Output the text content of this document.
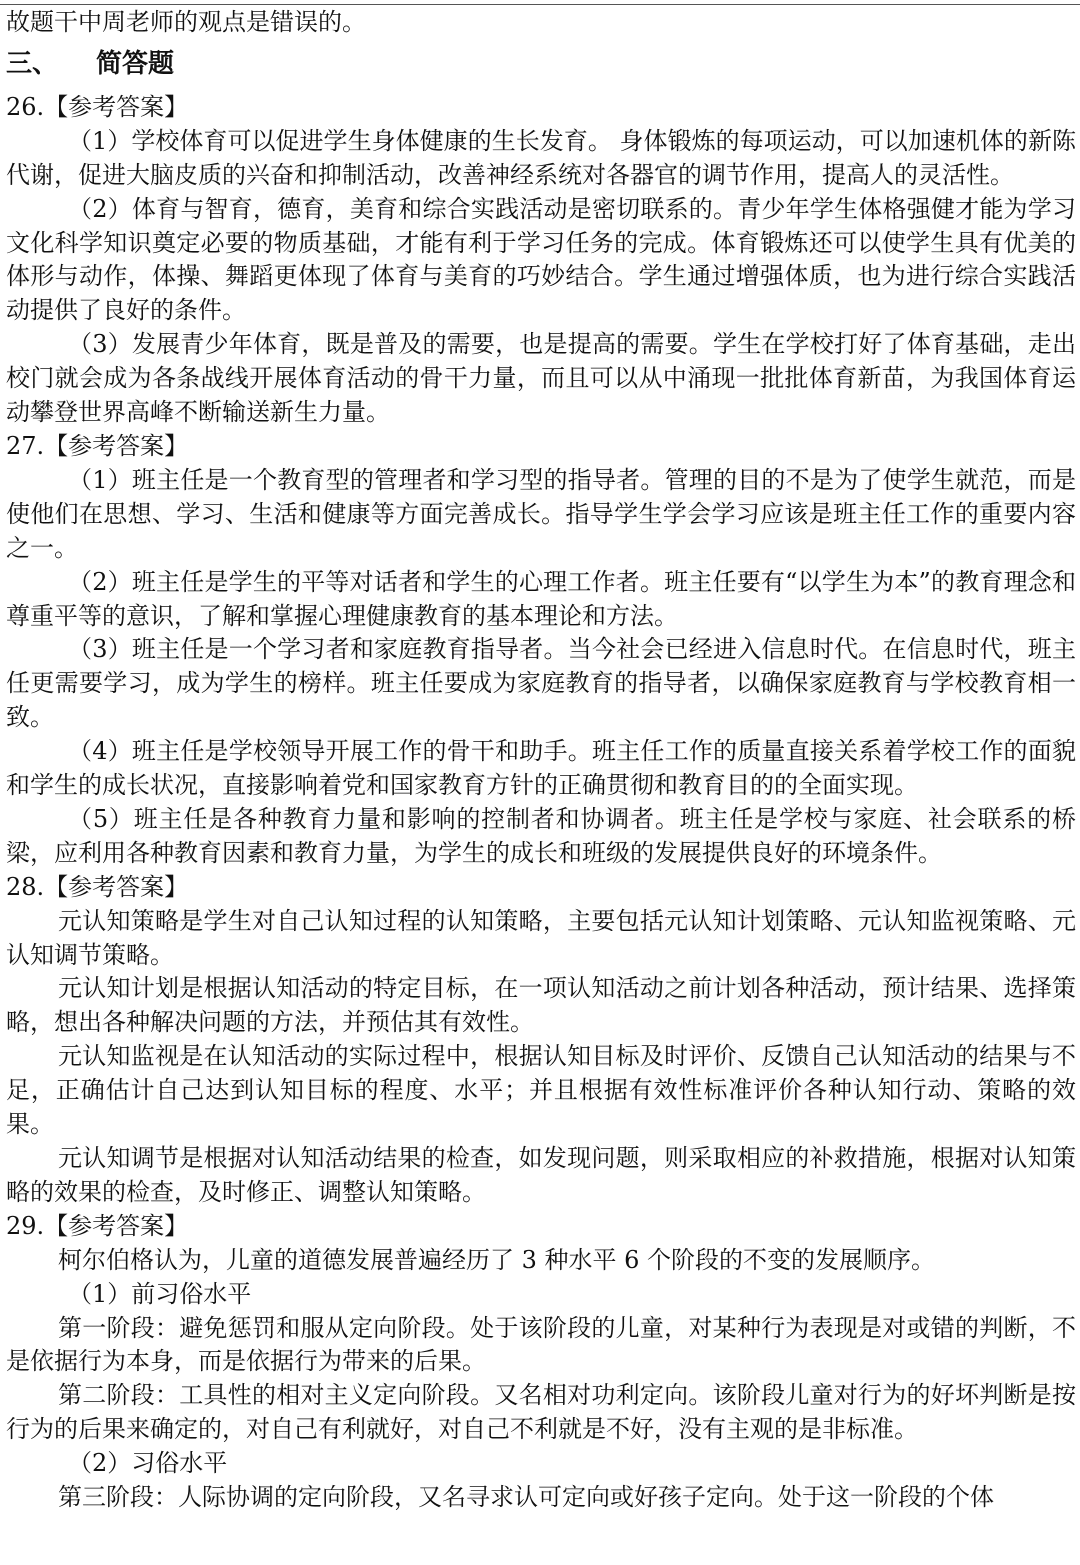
故题干中周老师的观点是错误的。

三、 简答题

26.【参考答案】

（1）学校体育可以促进学生身体健康的生长发育。 身体锻炼的每项运动，可以加速机体的新陈代谢，促进大脑皮质的兴奋和抑制活动，改善神经系统对各器官的调节作用，提高人的灵活性。

（2）体育与智育，德育，美育和综合实践活动是密切联系的。青少年学生体格强健才能为学习文化科学知识奠定必要的物质基础，才能有利于学习任务的完成。体育锻炼还可以使学生具有优美的体形与动作，体操、舞蹈更体现了体育与美育的巧妙结合。学生通过增强体质，也为进行综合实践活动提供了良好的条件。

（3）发展青少年体育，既是普及的需要，也是提高的需要。学生在学校打好了体育基础，走出校门就会成为各条战线开展体育活动的骨干力量，而且可以从中涌现一批批体育新苗，为我国体育运动攀登世界高峰不断输送新生力量。

27.【参考答案】

（1）班主任是一个教育型的管理者和学习型的指导者。管理的目的不是为了使学生就范，而是使他们在思想、学习、生活和健康等方面完善成长。指导学生学会学习应该是班主任工作的重要内容之一。

（2）班主任是学生的平等对话者和学生的心理工作者。班主任要有“以学生为本”的教育理念和尊重平等的意识，了解和掌握心理健康教育的基本理论和方法。

（3）班主任是一个学习者和家庭教育指导者。当今社会已经进入信息时代。在信息时代，班主任更需要学习，成为学生的榜样。班主任要成为家庭教育的指导者，以确保家庭教育与学校教育相一致。

（4）班主任是学校领导开展工作的骨干和助手。班主任工作的质量直接关系着学校工作的面貌和学生的成长状况，直接影响着党和国家教育方针的正确贯彻和教育目的的全面实现。

（5）班主任是各种教育力量和影响的控制者和协调者。班主任是学校与家庭、社会联系的桥梁，应利用各种教育因素和教育力量，为学生的成长和班级的发展提供良好的环境条件。

28.【参考答案】

元认知策略是学生对自己认知过程的认知策略，主要包括元认知计划策略、元认知监视策略、元认知调节策略。

元认知计划是根据认知活动的特定目标，在一项认知活动之前计划各种活动，预计结果、选择策略，想出各种解决问题的方法，并预估其有效性。

元认知监视是在认知活动的实际过程中，根据认知目标及时评价、反馈自己认知活动的结果与不足，正确估计自己达到认知目标的程度、水平；并且根据有效性标准评价各种认知行动、策略的效果。

元认知调节是根据对认知活动结果的检查，如发现问题，则采取相应的补救措施，根据对认知策略的效果的检查，及时修正、调整认知策略。

29.【参考答案】

柯尔伯格认为，儿童的道德发展普遍经历了 3 种水平 6 个阶段的不变的发展顺序。

（1）前习俗水平

第一阶段：避免惩罚和服从定向阶段。处于该阶段的儿童，对某种行为表现是对或错的判断，不是依据行为本身，而是依据行为带来的后果。

第二阶段：工具性的相对主义定向阶段。又名相对功利定向。该阶段儿童对行为的好坏判断是按行为的后果来确定的，对自己有利就好，对自己不利就是不好，没有主观的是非标准。

（2）习俗水平

第三阶段：人际协调的定向阶段，又名寻求认可定向或好孩子定向。处于这一阶段的个体
